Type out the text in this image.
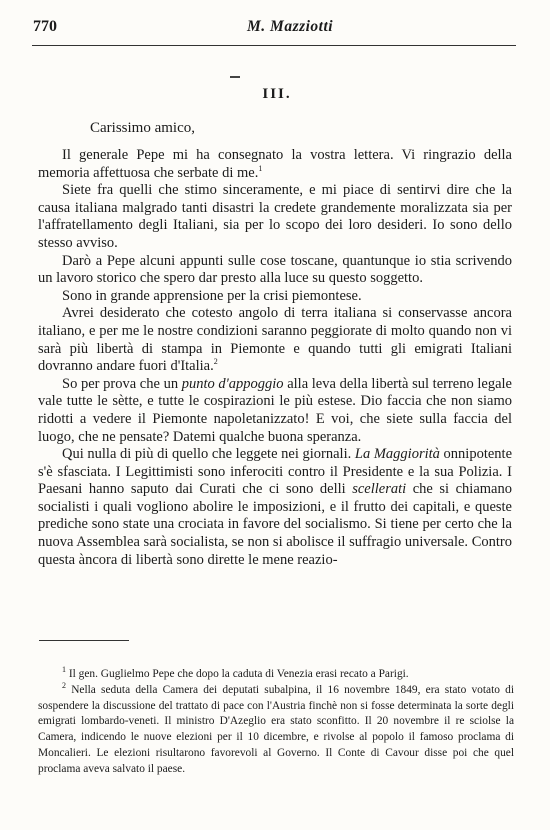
770	M. Mazziotti
III.
Carissimo amico,

Il generale Pepe mi ha consegnato la vostra lettera. Vi ringrazio della memoria affettuosa che serbate di me.$^1$

Siete fra quelli che stimo sinceramente, e mi piace di sentirvi dire che la causa italiana malgrado tanti disastri la credete grandemente moralizzata sia per l'affratellamento degli Italiani, sia per lo scopo dei loro desideri. Io sono dello stesso avviso.

Darò a Pepe alcuni appunti sulle cose toscane, quantunque io stia scrivendo un lavoro storico che spero dar presto alla luce su questo soggetto.

Sono in grande apprensione per la crisi piemontese.

Avrei desiderato che cotesto angolo di terra italiana si conservasse ancora italiano, e per me le nostre condizioni saranno peggiorate di molto quando non vi sarà più libertà di stampa in Piemonte e quando tutti gli emigrati Italiani dovranno andare fuori d'Italia.$^2$

So per prova che un punto d'appoggio alla leva della libertà sul terreno legale vale tutte le sètte, e tutte le cospirazioni le più estese. Dio faccia che non siamo ridotti a vedere il Piemonte napoletanizzato! E voi, che siete sulla faccia del luogo, che ne pensate? Datemi qualche buona speranza.

Qui nulla di più di quello che leggete nei giornali. La Maggiorità onnipotente s'è sfasciata. I Legittimisti sono inferociti contro il Presidente e la sua Polizia. I Paesani hanno saputo dai Curati che ci sono delli scellerati che si chiamano socialisti i quali vogliono abolire le imposizioni, e il frutto dei capitali, e queste prediche sono state una crociata in favore del socialismo. Si tiene per certo che la nuova Assemblea sarà socialista, se non si abolisce il suffragio universale. Contro questa àncora di libertà sono dirette le mene reazio-

$^1$ Il gen. Guglielmo Pepe che dopo la caduta di Venezia erasi recato a Parigi.

$^2$ Nella seduta della Camera dei deputati subalpina, il 16 novembre 1849, era stato votato di sospendere la discussione del trattato di pace con l'Austria finchè non si fosse determinata la sorte degli emigrati lombardo-veneti. Il ministro D'Azeglio era stato sconfitto. Il 20 novembre il re sciolse la Camera, indicendo le nuove elezioni per il 10 dicembre, e rivolse al popolo il famoso proclama di Moncalieri. Le elezioni risultarono favorevoli al Governo. Il Conte di Cavour disse poi che quel proclama aveva salvato il paese.
